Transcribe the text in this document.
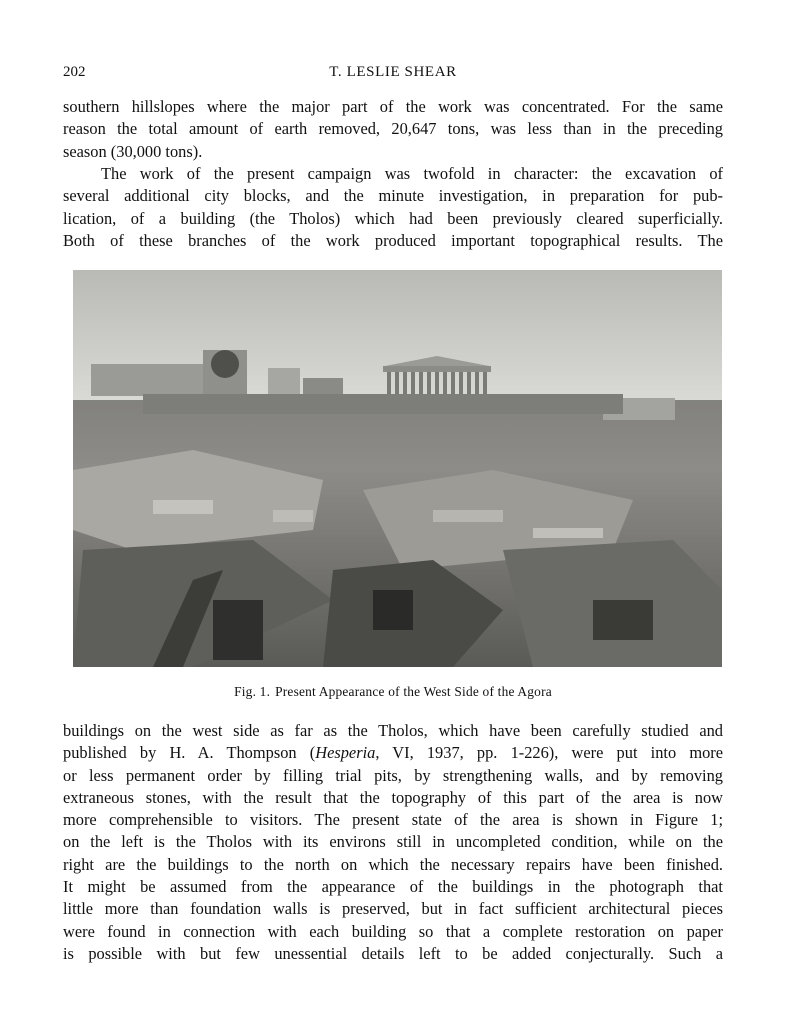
202	T. LESLIE SHEAR

southern hillslopes where the major part of the work was concentrated. For the same
reason the total amount of earth removed, 20,647 tons, was less than in the preceding
season (30,000 tons).

The work of the present campaign was twofold in character: the excavation of
several additional city blocks, and the minute investigation, in preparation for pub-
lication, of a building (the Tholos) which had been previously cleared superficially.
Both of these branches of the work produced important topographical results. The

Fig. 1. Present Appearance of the West Side of the Agora

buildings on the west side as far as the Tholos, which have been carefully studied and
published by H. A. Thompson (Hesperia, VI, 1937, pp. 1-226), were put into more
or less permanent order by filling trial pits, by strengthening walls, and by removing
extraneous stones, with the result that the topography of this part of the area is now
more comprehensible to visitors. The present state of the area is shown in Figure 1;
on the left is the Tholos with its environs still in uncompleted condition, while on the
right are the buildings to the north on which the necessary repairs have been finished.
It might be assumed from the appearance of the buildings in the photograph that
little more than foundation walls is preserved, but in fact sufficient architectural pieces
were found in connection with each building so that a complete restoration on paper
is possible with but few unessential details left to be added conjecturally. Such a
